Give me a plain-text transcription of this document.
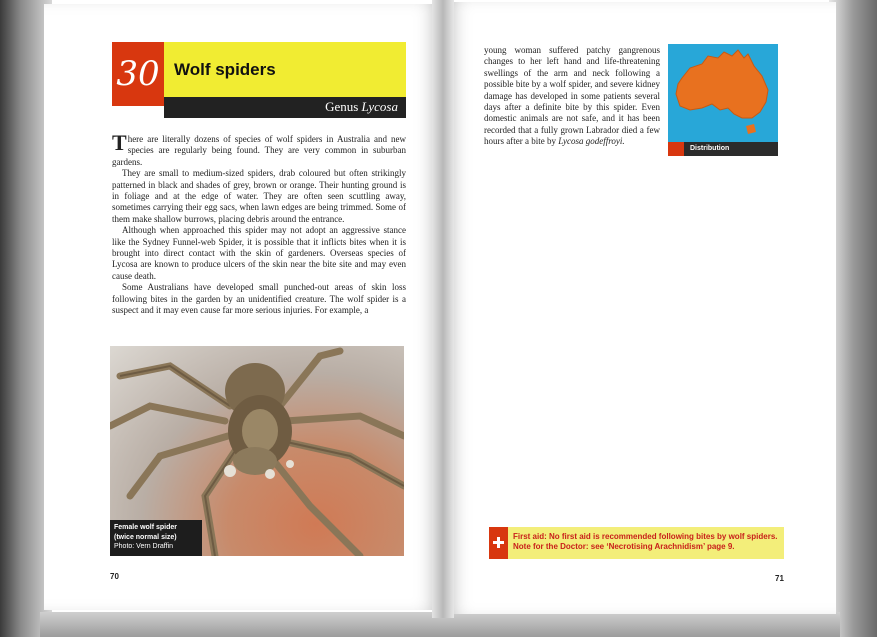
30 Wolf spiders
Genus Lycosa

There are literally dozens of species of wolf spiders in Australia and new species are regularly being found. They are very common in suburban gardens.

They are small to medium-sized spiders, drab coloured but often strikingly patterned in black and shades of grey, brown or orange. Their hunting ground is in foliage and at the edge of water. They are often seen scuttling away, sometimes carrying their egg sacs, when lawn edges are being trimmed. Some of them make shallow burrows, placing debris around the entrance.

Although when approached this spider may not adopt an aggressive stance like the Sydney Funnel-web Spider, it is possible that it inflicts bites when it is brought into direct contact with the skin of gardeners. Overseas species of Lycosa are known to produce ulcers of the skin near the bite site and may even cause death.

Some Australians have developed small punched-out areas of skin loss following bites in the garden by an unidentified creature. The wolf spider is a suspect and it may even cause far more serious injuries. For example, a

Female wolf spider
(twice normal size)
Photo: Vern Draffin
70
young woman suffered patchy gangrenous changes to her left hand and life-threatening swellings of the arm and neck following a possible bite by a wolf spider, and severe kidney damage has developed in some patients several days after a definite bite by this spider. Even domestic animals are not safe, and it has been recorded that a fully grown Labrador died a few hours after a bite by Lycosa godeffroyi.
Distribution
First aid: No first aid is recommended following bites by wolf spiders.
Note for the Doctor: see ‘Necrotising Arachnidism’ page 9.
71
